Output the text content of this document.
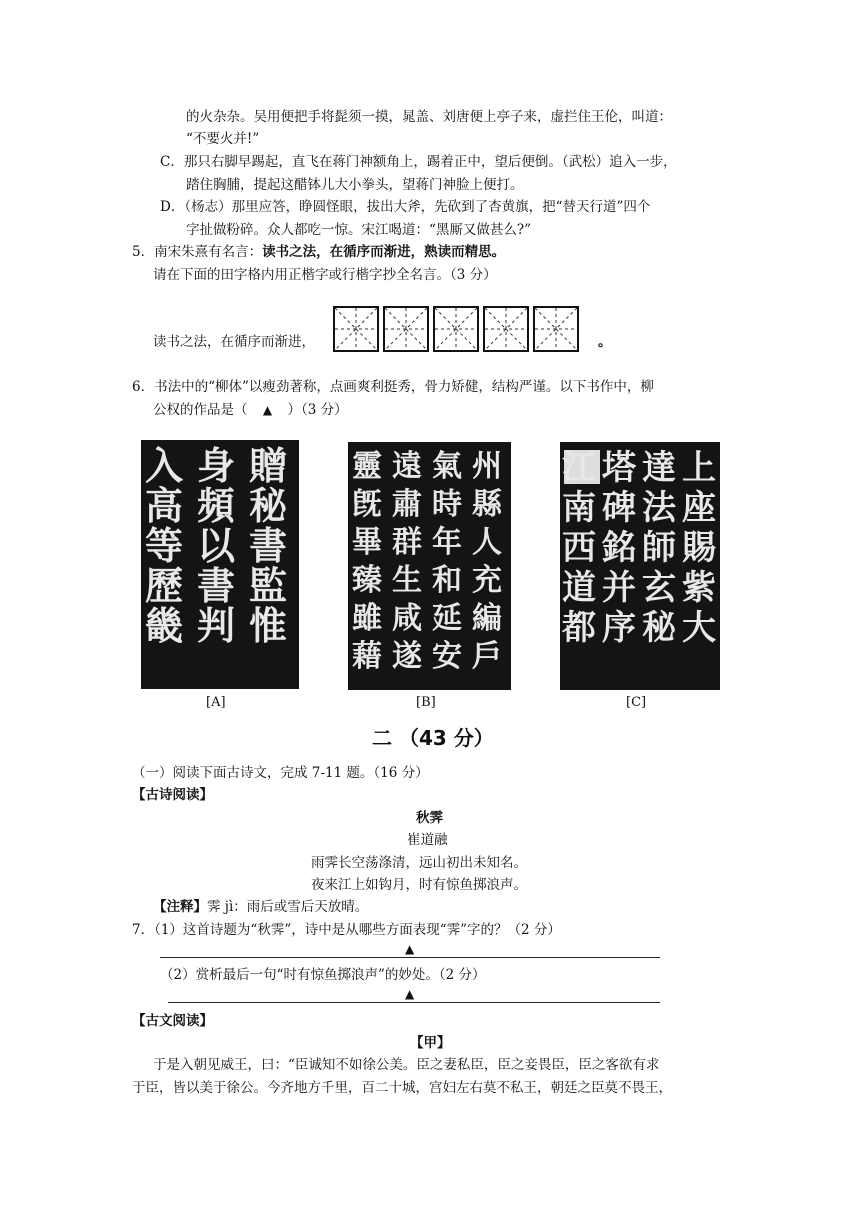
的火杂杂。吴用便把手将髭须一摸，晁盖、刘唐便上亭子来，虚拦住王伦，叫道：
“不要火并!”
C．那只右脚早踢起，直飞在蒋门神额角上，踢着正中，望后便倒。（武松）追入一步，
踏住胸脯，提起这醋钵儿大小拳头，望蒋门神脸上便打。
D．（杨志）那里应答，睁圆怪眼，拔出大斧，先砍到了杏黄旗，把“替天行道”四个
字扯做粉碎。众人都吃一惊。宋江喝道：“黑厮又做甚么?”
5．南宋朱熹有名言：读书之法，在循序而渐进，熟读而精思。
请在下面的田字格内用正楷字或行楷字抄全名言。（3 分）
读书之法，在循序而渐进，	。
6．书法中的“柳体”以瘦劲著称，点画爽利挺秀，骨力矫健，结构严谨。以下书作中，柳
公权的作品是（ ▲ ）（3 分）
入
高
等
歷
畿
身
頻
以
書
判
贈
秘
書
監
惟
[A]
靈
旣
畢
臻
雖
藉
遠
肅
群
生
咸
遂
氣
時
年
和
延
安
州
縣
人
充
編
戶
[B]
江
南
西
道
都
塔
碑
銘
并
序
達
法
師
玄
秘
上
座
賜
紫
大
[C]
二 （43 分）
（一）阅读下面古诗文，完成 7-11 题。（16 分）
【古诗阅读】
秋霁
崔道融
雨霁长空荡涤清，远山初出未知名。
夜来江上如钩月，时有惊鱼掷浪声。
【注释】霁 jì：雨后或雪后天放晴。
7．（1）这首诗题为“秋霁”，诗中是从哪些方面表现“霁”字的？（2 分）
▲
（2）赏析最后一句“时有惊鱼掷浪声”的妙处。（2 分）
▲
【古文阅读】
【甲】
于是入朝见威王，曰：“臣诚知不如徐公美。臣之妻私臣，臣之妾畏臣，臣之客欲有求
于臣，皆以美于徐公。今齐地方千里，百二十城，宫妇左右莫不私王，朝廷之臣莫不畏王，
